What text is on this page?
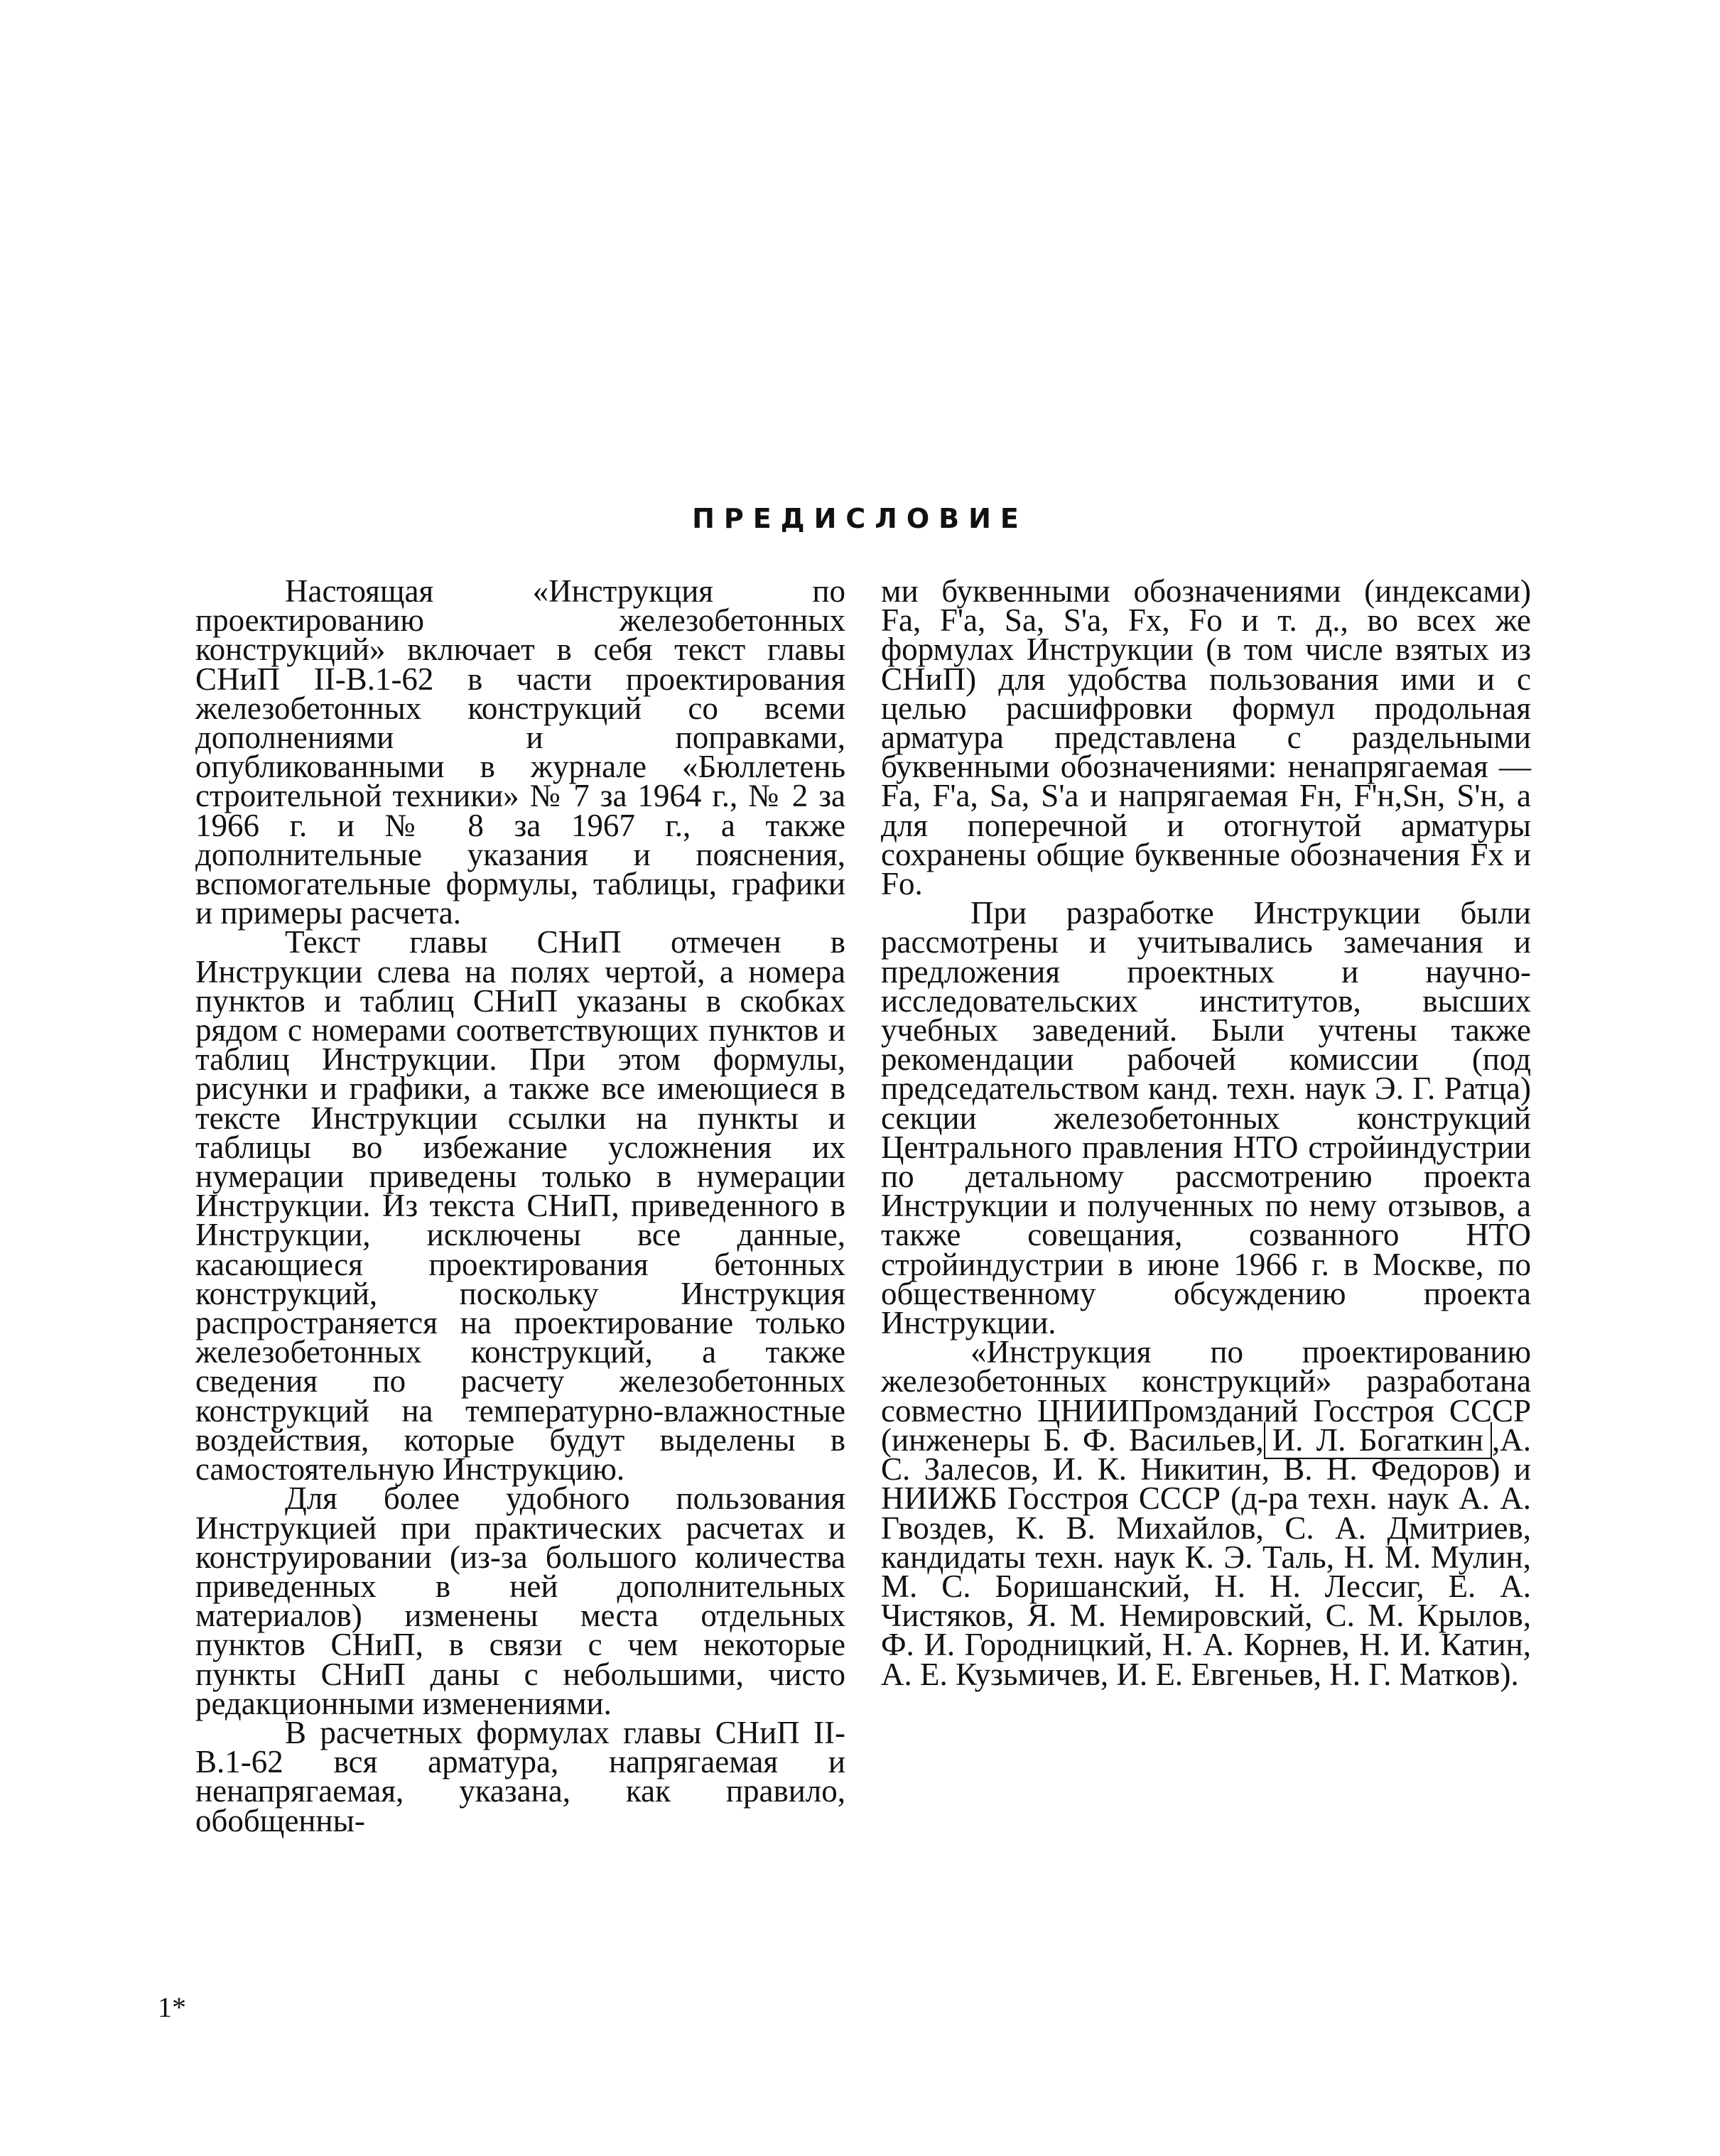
ПРЕДИСЛОВИЕ

Настоящая «Инструкция по проектированию железобетонных конструкций» включает в себя текст главы СНиП II-В.1-62 в части проектирования железобетонных конструкций со всеми дополнениями и поправками, опубликованными в журнале «Бюллетень строительной техники» № 7 за 1964 г., № 2 за 1966 г. и № 8 за 1967 г., а также дополнительные указания и пояснения, вспомогательные формулы, таблицы, графики и примеры расчета.

Текст главы СНиП отмечен в Инструкции слева на полях чертой, а номера пунктов и таблиц СНиП указаны в скобках рядом с номерами соответствующих пунктов и таблиц Инструкции. При этом формулы, рисунки и графики, а также все имеющиеся в тексте Инструкции ссылки на пункты и таблицы во избежание усложнения их нумерации приведены только в нумерации Инструкции. Из текста СНиП, приведенного в Инструкции, исключены все данные, касающиеся проектирования бетонных конструкций, поскольку Инструкция распространяется на проектирование только железобетонных конструкций, а также сведения по расчету железобетонных конструкций на температурно-влажностные воздействия, которые будут выделены в самостоятельную Инструкцию.

Для более удобного пользования Инструкцией при практических расчетах и конструировании (из-за большого количества приведенных в ней дополнительных материалов) изменены места отдельных пунктов СНиП, в связи с чем некоторые пункты СНиП даны с небольшими, чисто редакционными изменениями.

В расчетных формулах главы СНиП II-В.1-62 вся арматура, напрягаемая и ненапрягаемая, указана, как правило, обобщенны-

ми буквенными обозначениями (индексами) Fa, F'a, Sa, S'a, Fx, Fo и т. д., во всех же формулах Инструкции (в том числе взятых из СНиП) для удобства пользования ими и с целью расшифровки формул продольная арматура представлена с раздельными буквенными обозначениями: ненапрягаемая — Fa, F'a, Sa, S'a и напрягаемая Fн, F'н,Sн, S'н, а для поперечной и отогнутой арматуры сохранены общие буквенные обозначения Fx и Fo.

При разработке Инструкции были рассмотрены и учитывались замечания и предложения проектных и научно-исследовательских институтов, высших учебных заведений. Были учтены также рекомендации рабочей комиссии (под председательством канд. техн. наук Э. Г. Ратца) секции железобетонных конструкций Центрального правления НТО стройиндустрии по детальному рассмотрению проекта Инструкции и полученных по нему отзывов, а также совещания, созванного НТО стройиндустрии в июне 1966 г. в Москве, по общественному обсуждению проекта Инструкции.

«Инструкция по проектированию железобетонных конструкций» разработана совместно ЦНИИПромзданий Госстроя СССР (инженеры Б. Ф. Васильев, И. Л. Богаткин ,А. С. Залесов, И. К. Никитин, В. Н. Федоров) и НИИЖБ Госстроя СССР (д-ра техн. наук А. А. Гвоздев, К. В. Михайлов, С. А. Дмитриев, кандидаты техн. наук К. Э. Таль, Н. М. Мулин, М. С. Боришанский, Н. Н. Лессиг, Е. А. Чистяков, Я. М. Немировский, С. М. Крылов, Ф. И. Городницкий, Н. А. Корнев, Н. И. Катин, А. Е. Кузьмичев, И. Е. Евгеньев, Н. Г. Матков).

1*
